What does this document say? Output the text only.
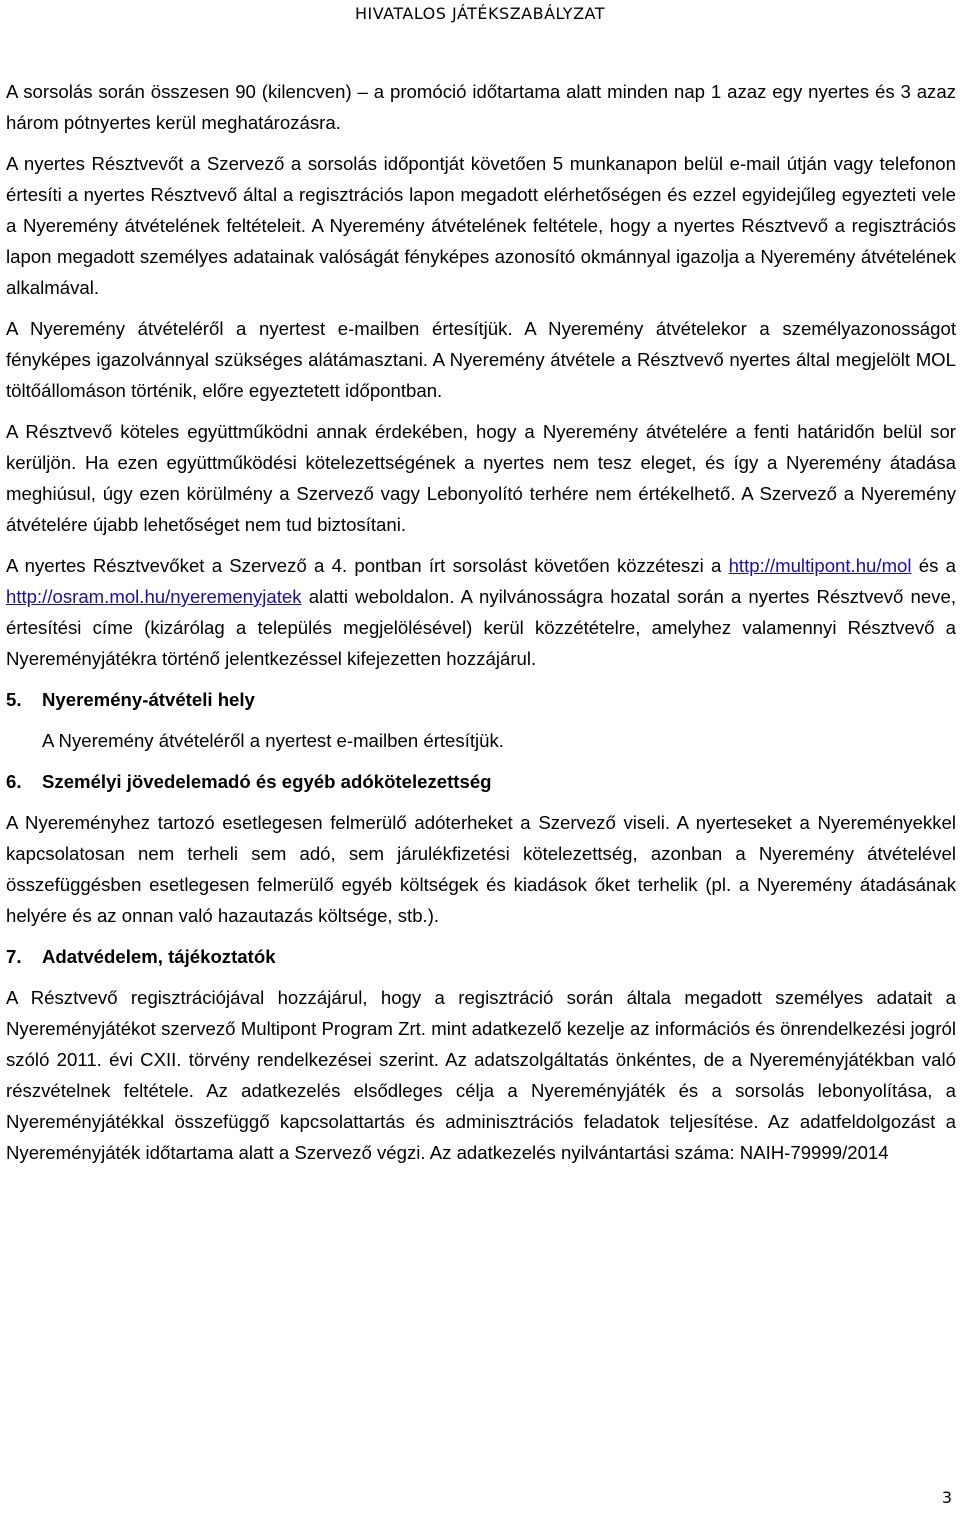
HIVATALOS JÁTÉKSZABÁLYZAT

A sorsolás során összesen 90 (kilencven) – a promóció időtartama alatt minden nap 1 azaz egy nyertes és 3 azaz három pótnyertes kerül meghatározásra.

A nyertes Résztvevőt a Szervező a sorsolás időpontját követően 5 munkanapon belül e-mail útján vagy telefonon értesíti a nyertes Résztvevő által a regisztrációs lapon megadott elérhetőségen és ezzel egyidejűleg egyezteti vele a Nyeremény átvételének feltételeit. A Nyeremény átvételének feltétele, hogy a nyertes Résztvevő a regisztrációs lapon megadott személyes adatainak valóságát fényképes azonosító okmánnyal igazolja a Nyeremény átvételének alkalmával.

A Nyeremény átvételéről a nyertest e-mailben értesítjük. A Nyeremény átvételekor a személyazonosságot fényképes igazolvánnyal szükséges alátámasztani. A Nyeremény átvétele a Résztvevő nyertes által megjelölt MOL töltőállomáson történik, előre egyeztetett időpontban.

A Résztvevő köteles együttműködni annak érdekében, hogy a Nyeremény átvételére a fenti határidőn belül sor kerüljön. Ha ezen együttműködési kötelezettségének a nyertes nem tesz eleget, és így a Nyeremény átadása meghiúsul, úgy ezen körülmény a Szervező vagy Lebonyolító terhére nem értékelhető. A Szervező a Nyeremény átvételére újabb lehetőséget nem tud biztosítani.

A nyertes Résztvevőket a Szervező a 4. pontban írt sorsolást követően közzéteszi a http://multipont.hu/mol és a http://osram.mol.hu/nyeremenyjatek alatti weboldalon. A nyilvánosságra hozatal során a nyertes Résztvevő neve, értesítési címe (kizárólag a település megjelölésével) kerül közzétételre, amelyhez valamennyi Résztvevő a Nyereményjátékra történő jelentkezéssel kifejezetten hozzájárul.

5. Nyeremény-átvételi hely

A Nyeremény átvételéről a nyertest e-mailben értesítjük.

6. Személyi jövedelemadó és egyéb adókötelezettség

A Nyereményhez tartozó esetlegesen felmerülő adóterheket a Szervező viseli. A nyerteseket a Nyereményekkel kapcsolatosan nem terheli sem adó, sem járulékfizetési kötelezettség, azonban a Nyeremény átvételével összefüggésben esetlegesen felmerülő egyéb költségek és kiadások őket terhelik (pl. a Nyeremény átadásának helyére és az onnan való hazautazás költsége, stb.).

7. Adatvédelem, tájékoztatók

A Résztvevő regisztrációjával hozzájárul, hogy a regisztráció során általa megadott személyes adatait a Nyereményjátékot szervező Multipont Program Zrt. mint adatkezelő kezelje az információs és önrendelkezési jogról szóló 2011. évi CXII. törvény rendelkezései szerint. Az adatszolgáltatás önkéntes, de a Nyereményjátékban való részvételnek feltétele. Az adatkezelés elsődleges célja a Nyereményjáték és a sorsolás lebonyolítása, a Nyereményjátékkal összefüggő kapcsolattartás és adminisztrációs feladatok teljesítése. Az adatfeldolgozást a Nyereményjáték időtartama alatt a Szervező végzi. Az adatkezelés nyilvántartási száma: NAIH-79999/2014

3
